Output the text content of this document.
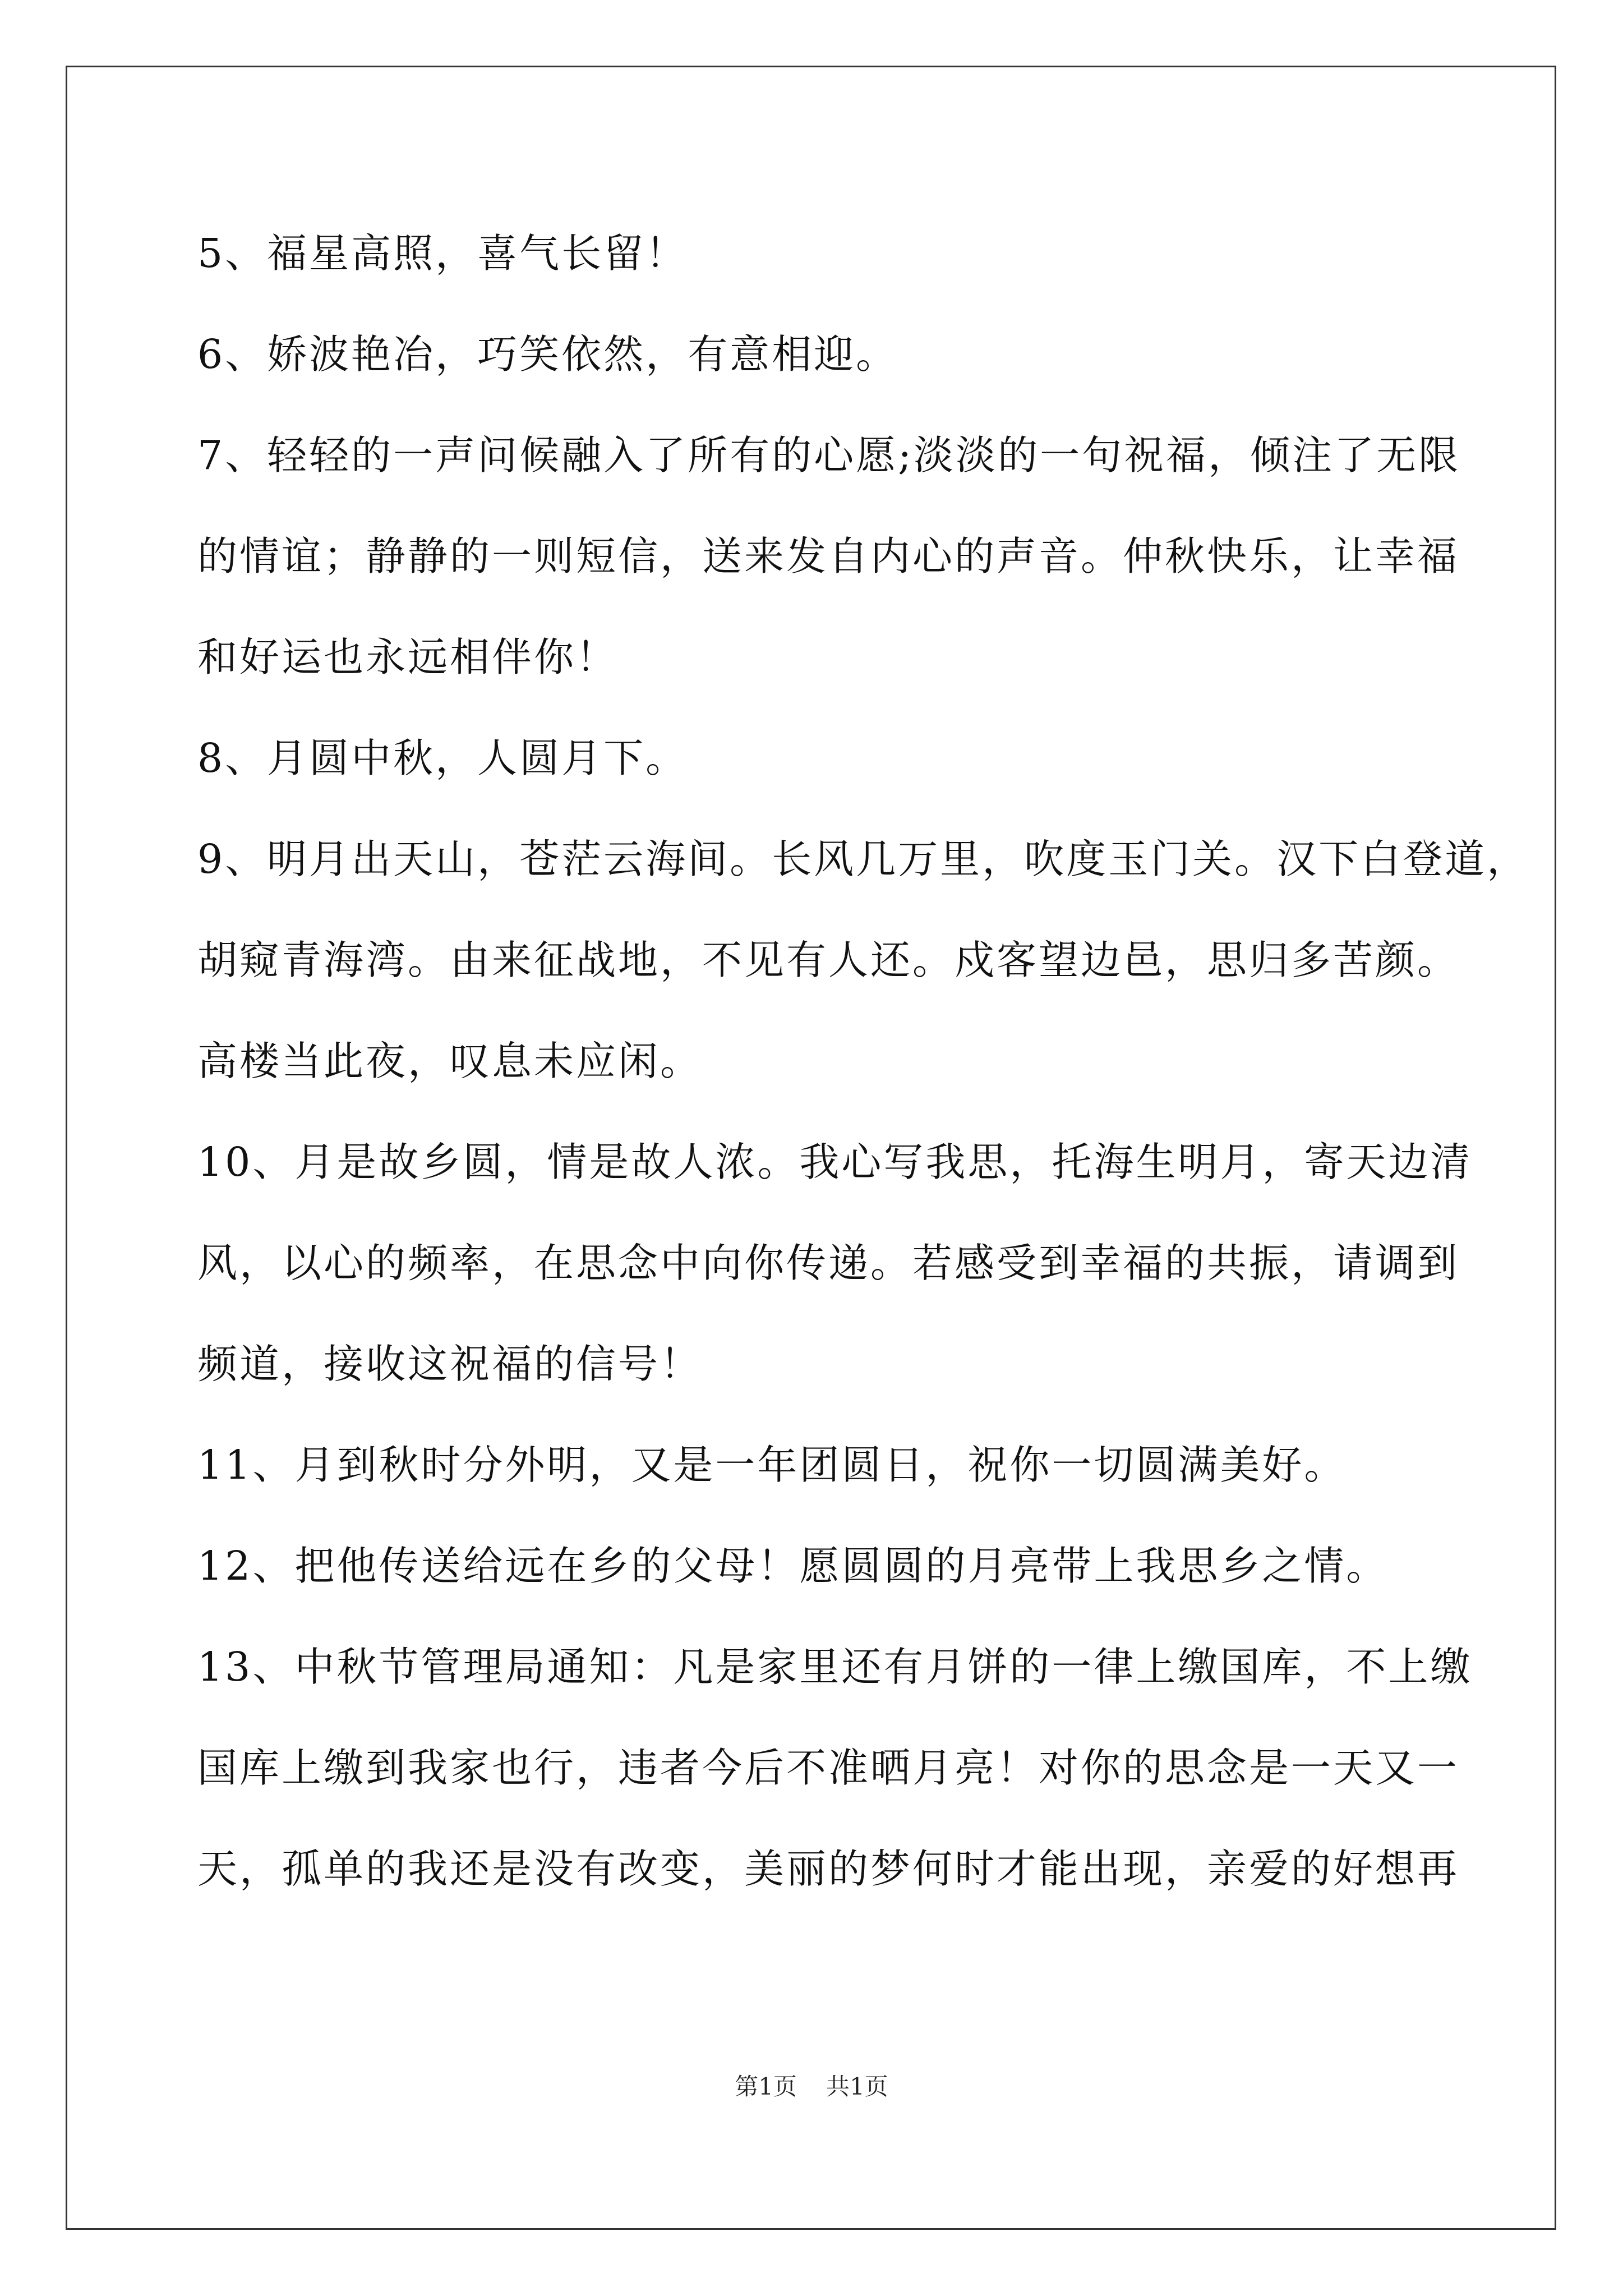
5、福星高照，喜气长留！
6、娇波艳冶，巧笑依然，有意相迎。
7、轻轻的一声问候融入了所有的心愿;淡淡的一句祝福，倾注了无限
的情谊；静静的一则短信，送来发自内心的声音。仲秋快乐，让幸福
和好运也永远相伴你！
8、月圆中秋，人圆月下。
9、明月出天山，苍茫云海间。长风几万里，吹度玉门关。汉下白登道，
胡窥青海湾。由来征战地，不见有人还。戍客望边邑，思归多苦颜。
高楼当此夜，叹息未应闲。
10、月是故乡圆，情是故人浓。我心写我思，托海生明月，寄天边清
风，以心的频率，在思念中向你传递。若感受到幸福的共振，请调到
频道，接收这祝福的信号！
11、月到秋时分外明，又是一年团圆日，祝你一切圆满美好。
12、把他传送给远在乡的父母！愿圆圆的月亮带上我思乡之情。
13、中秋节管理局通知：凡是家里还有月饼的一律上缴国库，不上缴
国库上缴到我家也行，违者今后不准晒月亮！对你的思念是一天又一
天，孤单的我还是没有改变，美丽的梦何时才能出现，亲爱的好想再
第1页 共1页
